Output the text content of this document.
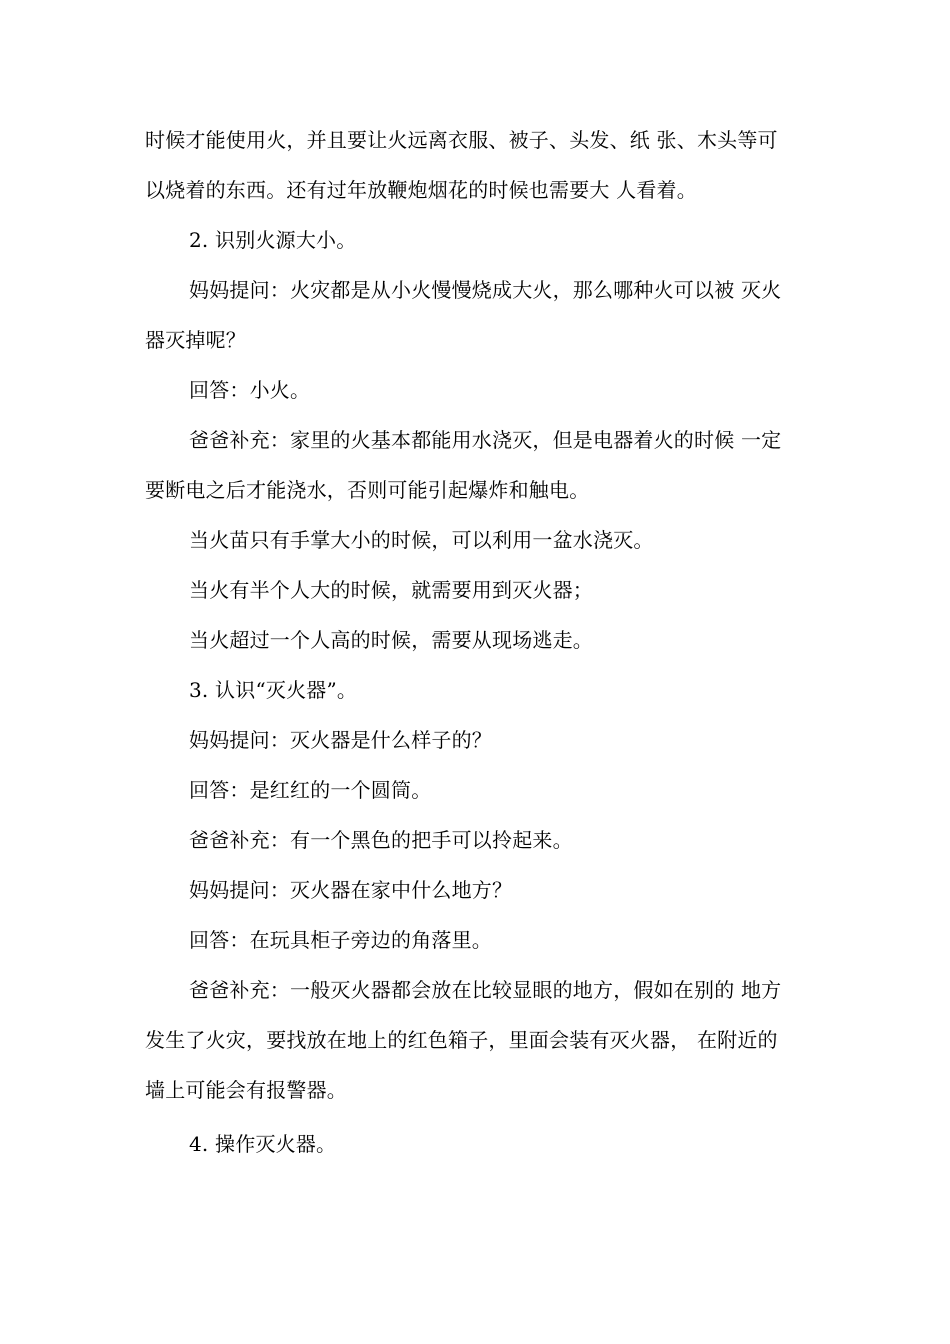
时候才能使用火，并且要让火远离衣服、被子、头发、纸 张、木头等可
以烧着的东西。还有过年放鞭炮烟花的时候也需要大 人看着。
2. 识别火源大小。
妈妈提问：火灾都是从小火慢慢烧成大火，那么哪种火可以被 灭火
器灭掉呢？
回答：小火。
爸爸补充：家里的火基本都能用水浇灭，但是电器着火的时候 一定
要断电之后才能浇水，否则可能引起爆炸和触电。
当火苗只有手掌大小的时候，可以利用一盆水浇灭。
当火有半个人大的时候，就需要用到灭火器；
当火超过一个人高的时候，需要从现场逃走。
3. 认识“灭火器”。
妈妈提问：灭火器是什么样子的？
回答：是红红的一个圆筒。
爸爸补充：有一个黑色的把手可以拎起来。
妈妈提问：灭火器在家中什么地方？
回答：在玩具柜子旁边的角落里。
爸爸补充：一般灭火器都会放在比较显眼的地方，假如在别的 地方
发生了火灾，要找放在地上的红色箱子，里面会装有灭火器， 在附近的
墙上可能会有报警器。
4. 操作灭火器。
